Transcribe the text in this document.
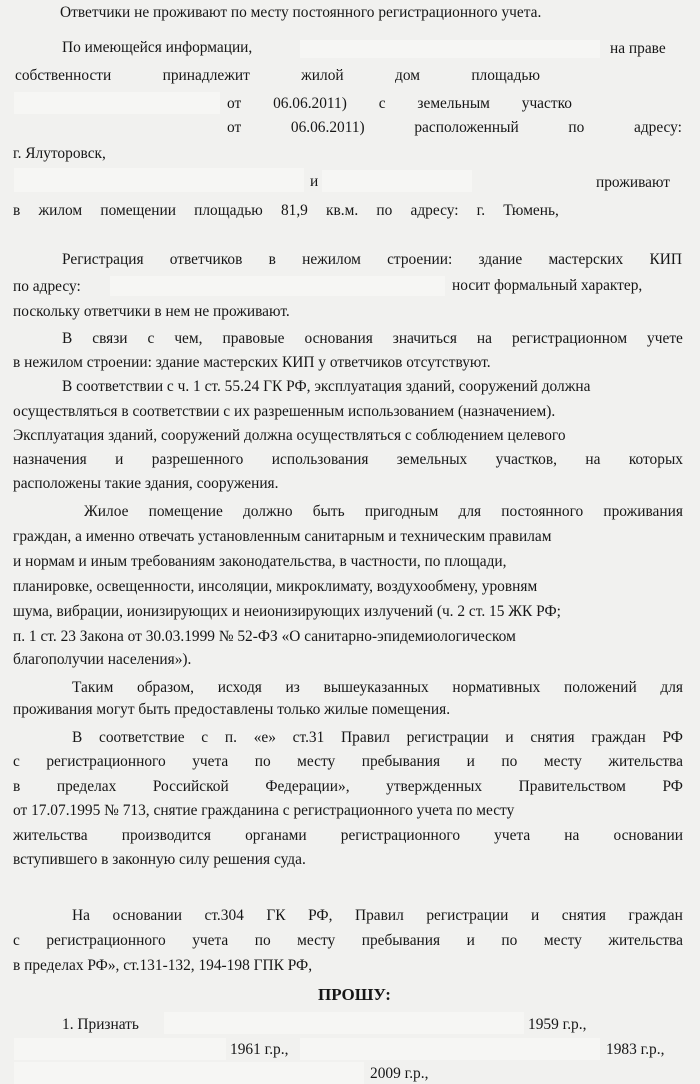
Ответчики не проживают по месту постоянного регистрационного учета.
По имеющейся информации,	на праве
собственности	принадлежит	жилой	дом	площадью
от 06.06.2011) с земельным участко
от	06.06.2011)	расположенный	по	адресу:
г. Ялуторовск,
и	проживают
в жилом помещении площадью 81,9 кв.м. по адресу: г. Тюмень,
Регистрация ответчиков в нежилом строении: здание мастерских КИП
по адресу:	носит формальный характер,
поскольку ответчики в нем не проживают.
В связи с чем, правовые основания значиться на регистрационном учете
в нежилом строении: здание мастерских КИП у ответчиков отсутствуют.
В соответствии с ч. 1 ст. 55.24 ГК РФ, эксплуатация зданий, сооружений должна
осуществляться в соответствии с их разрешенным использованием (назначением).
Эксплуатация зданий, сооружений должна осуществляться с соблюдением целевого
назначения и разрешенного использования земельных участков, на которых
расположены такие здания, сооружения.
Жилое помещение должно быть пригодным для постоянного проживания
граждан, а именно отвечать установленным санитарным и техническим правилам
и нормам и иным требованиям законодательства, в частности, по площади,
планировке, освещенности, инсоляции, микроклимату, воздухообмену, уровням
шума, вибрации, ионизирующих и неионизирующих излучений (ч. 2 ст. 15 ЖК РФ;
п. 1 ст. 23 Закона от 30.03.1999 № 52-ФЗ «О санитарно-эпидемиологическом
благополучии населения»).
Таким образом, исходя из вышеуказанных нормативных положений для
проживания могут быть предоставлены только жилые помещения.
В соответствие с п. «е» ст.31 Правил регистрации и снятия граждан РФ
с регистрационного учета по месту пребывания и по месту жительства
в пределах Российской Федерации», утвержденных Правительством РФ
от 17.07.1995 № 713, снятие гражданина с регистрационного учета по месту
жительства производится органами регистрационного учета на основании
вступившего в законную силу решения суда.
На основании ст.304 ГК РФ, Правил регистрации и снятия граждан
с регистрационного учета по месту пребывания и по месту жительства
в пределах РФ», ст.131-132, 194-198 ГПК РФ,
ПРОШУ:
1. Признать	1959 г.р.,
1961 г.р.,	1983 г.р.,
2009 г.р.,
